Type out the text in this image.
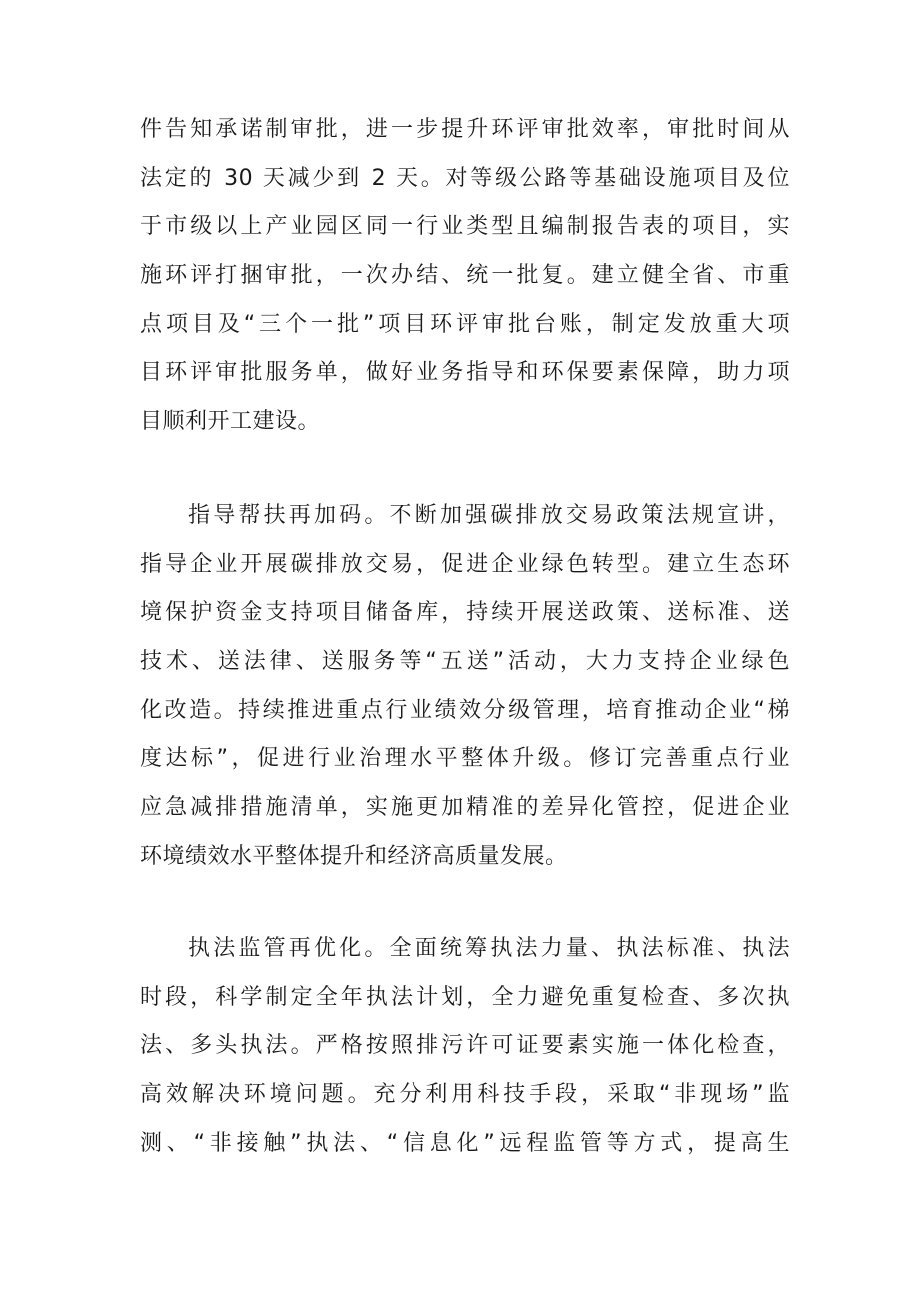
件告知承诺制审批，进一步提升环评审批效率，审批时间从
法定的 30 天减少到 2 天。对等级公路等基础设施项目及位
于市级以上产业园区同一行业类型且编制报告表的项目，实
施环评打捆审批，一次办结、统一批复。建立健全省、市重
点项目及“三个一批”项目环评审批台账，制定发放重大项
目环评审批服务单，做好业务指导和环保要素保障，助力项
目顺利开工建设。
指导帮扶再加码。不断加强碳排放交易政策法规宣讲，
指导企业开展碳排放交易，促进企业绿色转型。建立生态环
境保护资金支持项目储备库，持续开展送政策、送标准、送
技术、送法律、送服务等“五送”活动，大力支持企业绿色
化改造。持续推进重点行业绩效分级管理，培育推动企业“梯
度达标”，促进行业治理水平整体升级。修订完善重点行业
应急减排措施清单，实施更加精准的差异化管控，促进企业
环境绩效水平整体提升和经济高质量发展。
执法监管再优化。全面统筹执法力量、执法标准、执法
时段，科学制定全年执法计划，全力避免重复检查、多次执
法、多头执法。严格按照排污许可证要素实施一体化检查，
高效解决环境问题。充分利用科技手段，采取“非现场”监
测、“非接触”执法、“信息化”远程监管等方式，提高生
